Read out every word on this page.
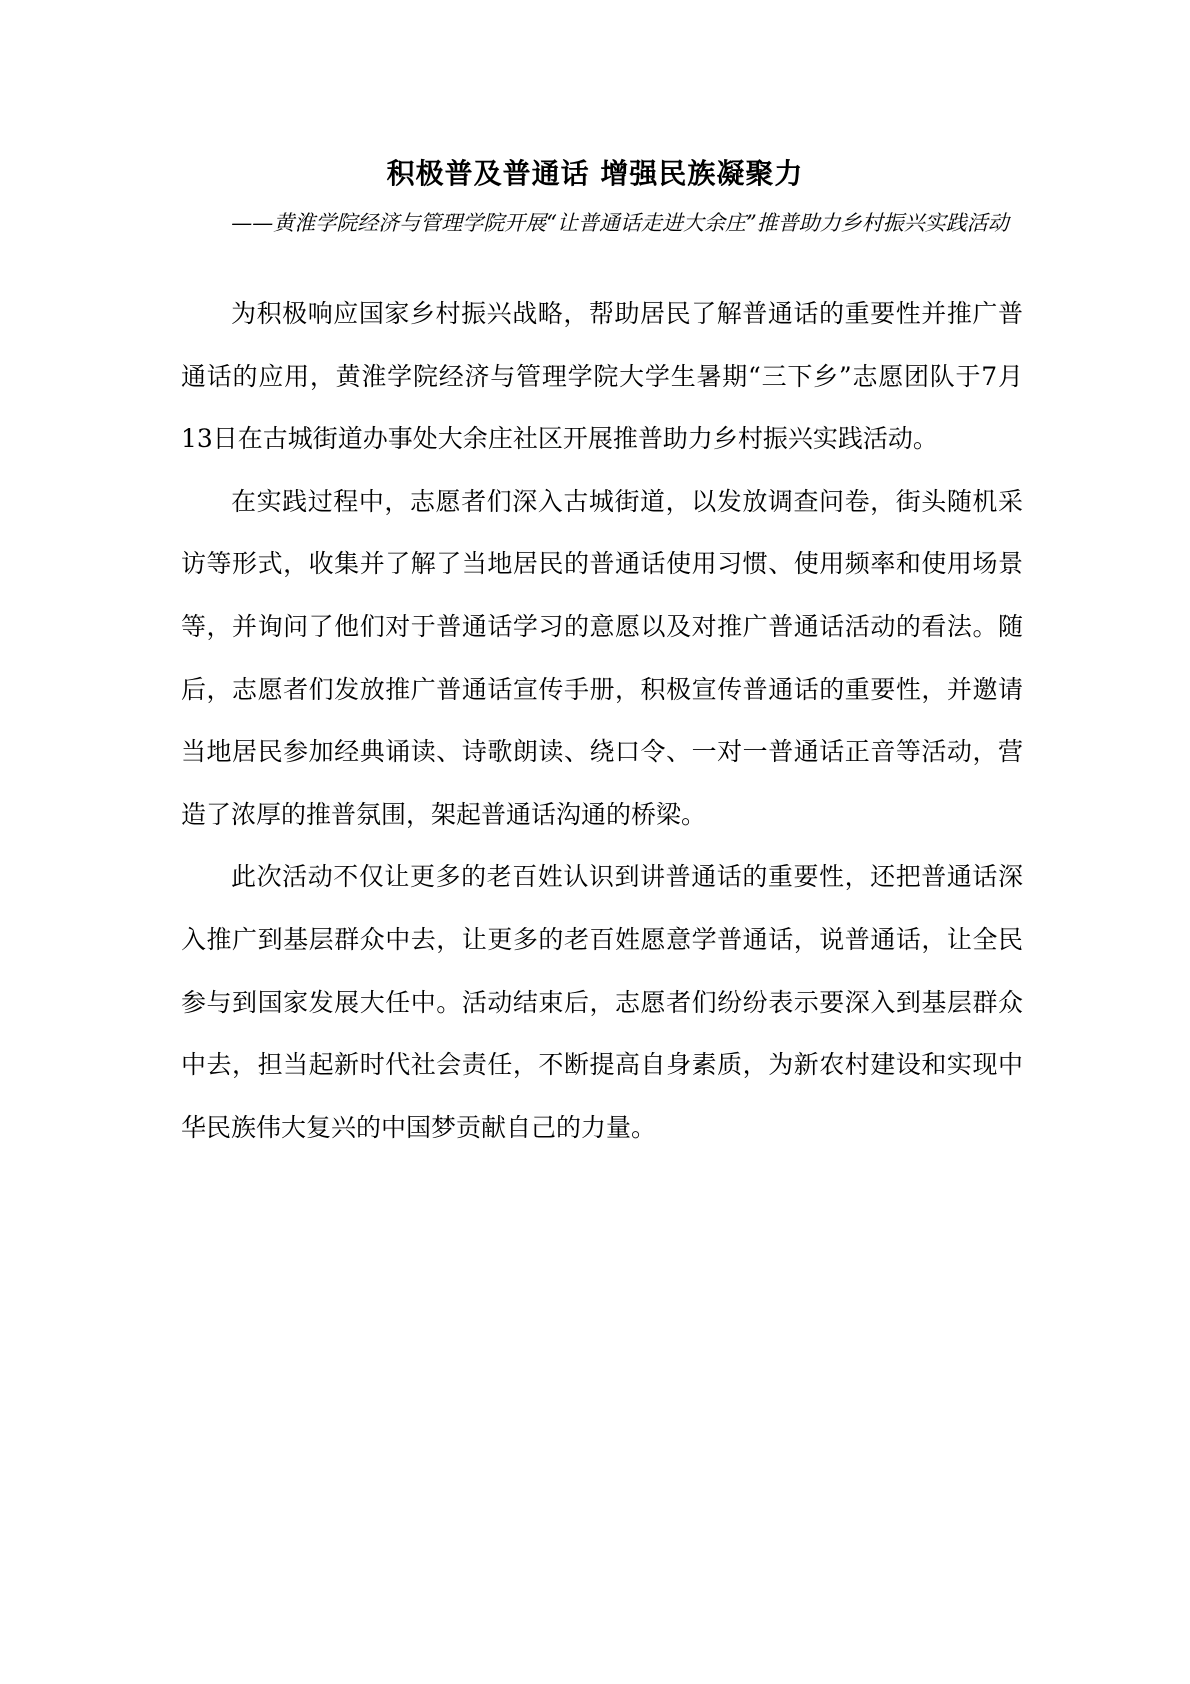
积极普及普通话 增强民族凝聚力
——黄淮学院经济与管理学院开展“让普通话走进大余庄”推普助力乡村振兴实践活动

为积极响应国家乡村振兴战略，帮助居民了解普通话的重要性并推广普通话的应用，黄淮学院经济与管理学院大学生暑期“三下乡”志愿团队于7月13日在古城街道办事处大余庄社区开展推普助力乡村振兴实践活动。

在实践过程中，志愿者们深入古城街道，以发放调查问卷，街头随机采访等形式，收集并了解了当地居民的普通话使用习惯、使用频率和使用场景等，并询问了他们对于普通话学习的意愿以及对推广普通话活动的看法。随后，志愿者们发放推广普通话宣传手册，积极宣传普通话的重要性，并邀请当地居民参加经典诵读、诗歌朗读、绕口令、一对一普通话正音等活动，营造了浓厚的推普氛围，架起普通话沟通的桥梁。

此次活动不仅让更多的老百姓认识到讲普通话的重要性，还把普通话深入推广到基层群众中去，让更多的老百姓愿意学普通话，说普通话，让全民参与到国家发展大任中。活动结束后，志愿者们纷纷表示要深入到基层群众中去，担当起新时代社会责任，不断提高自身素质，为新农村建设和实现中华民族伟大复兴的中国梦贡献自己的力量。
